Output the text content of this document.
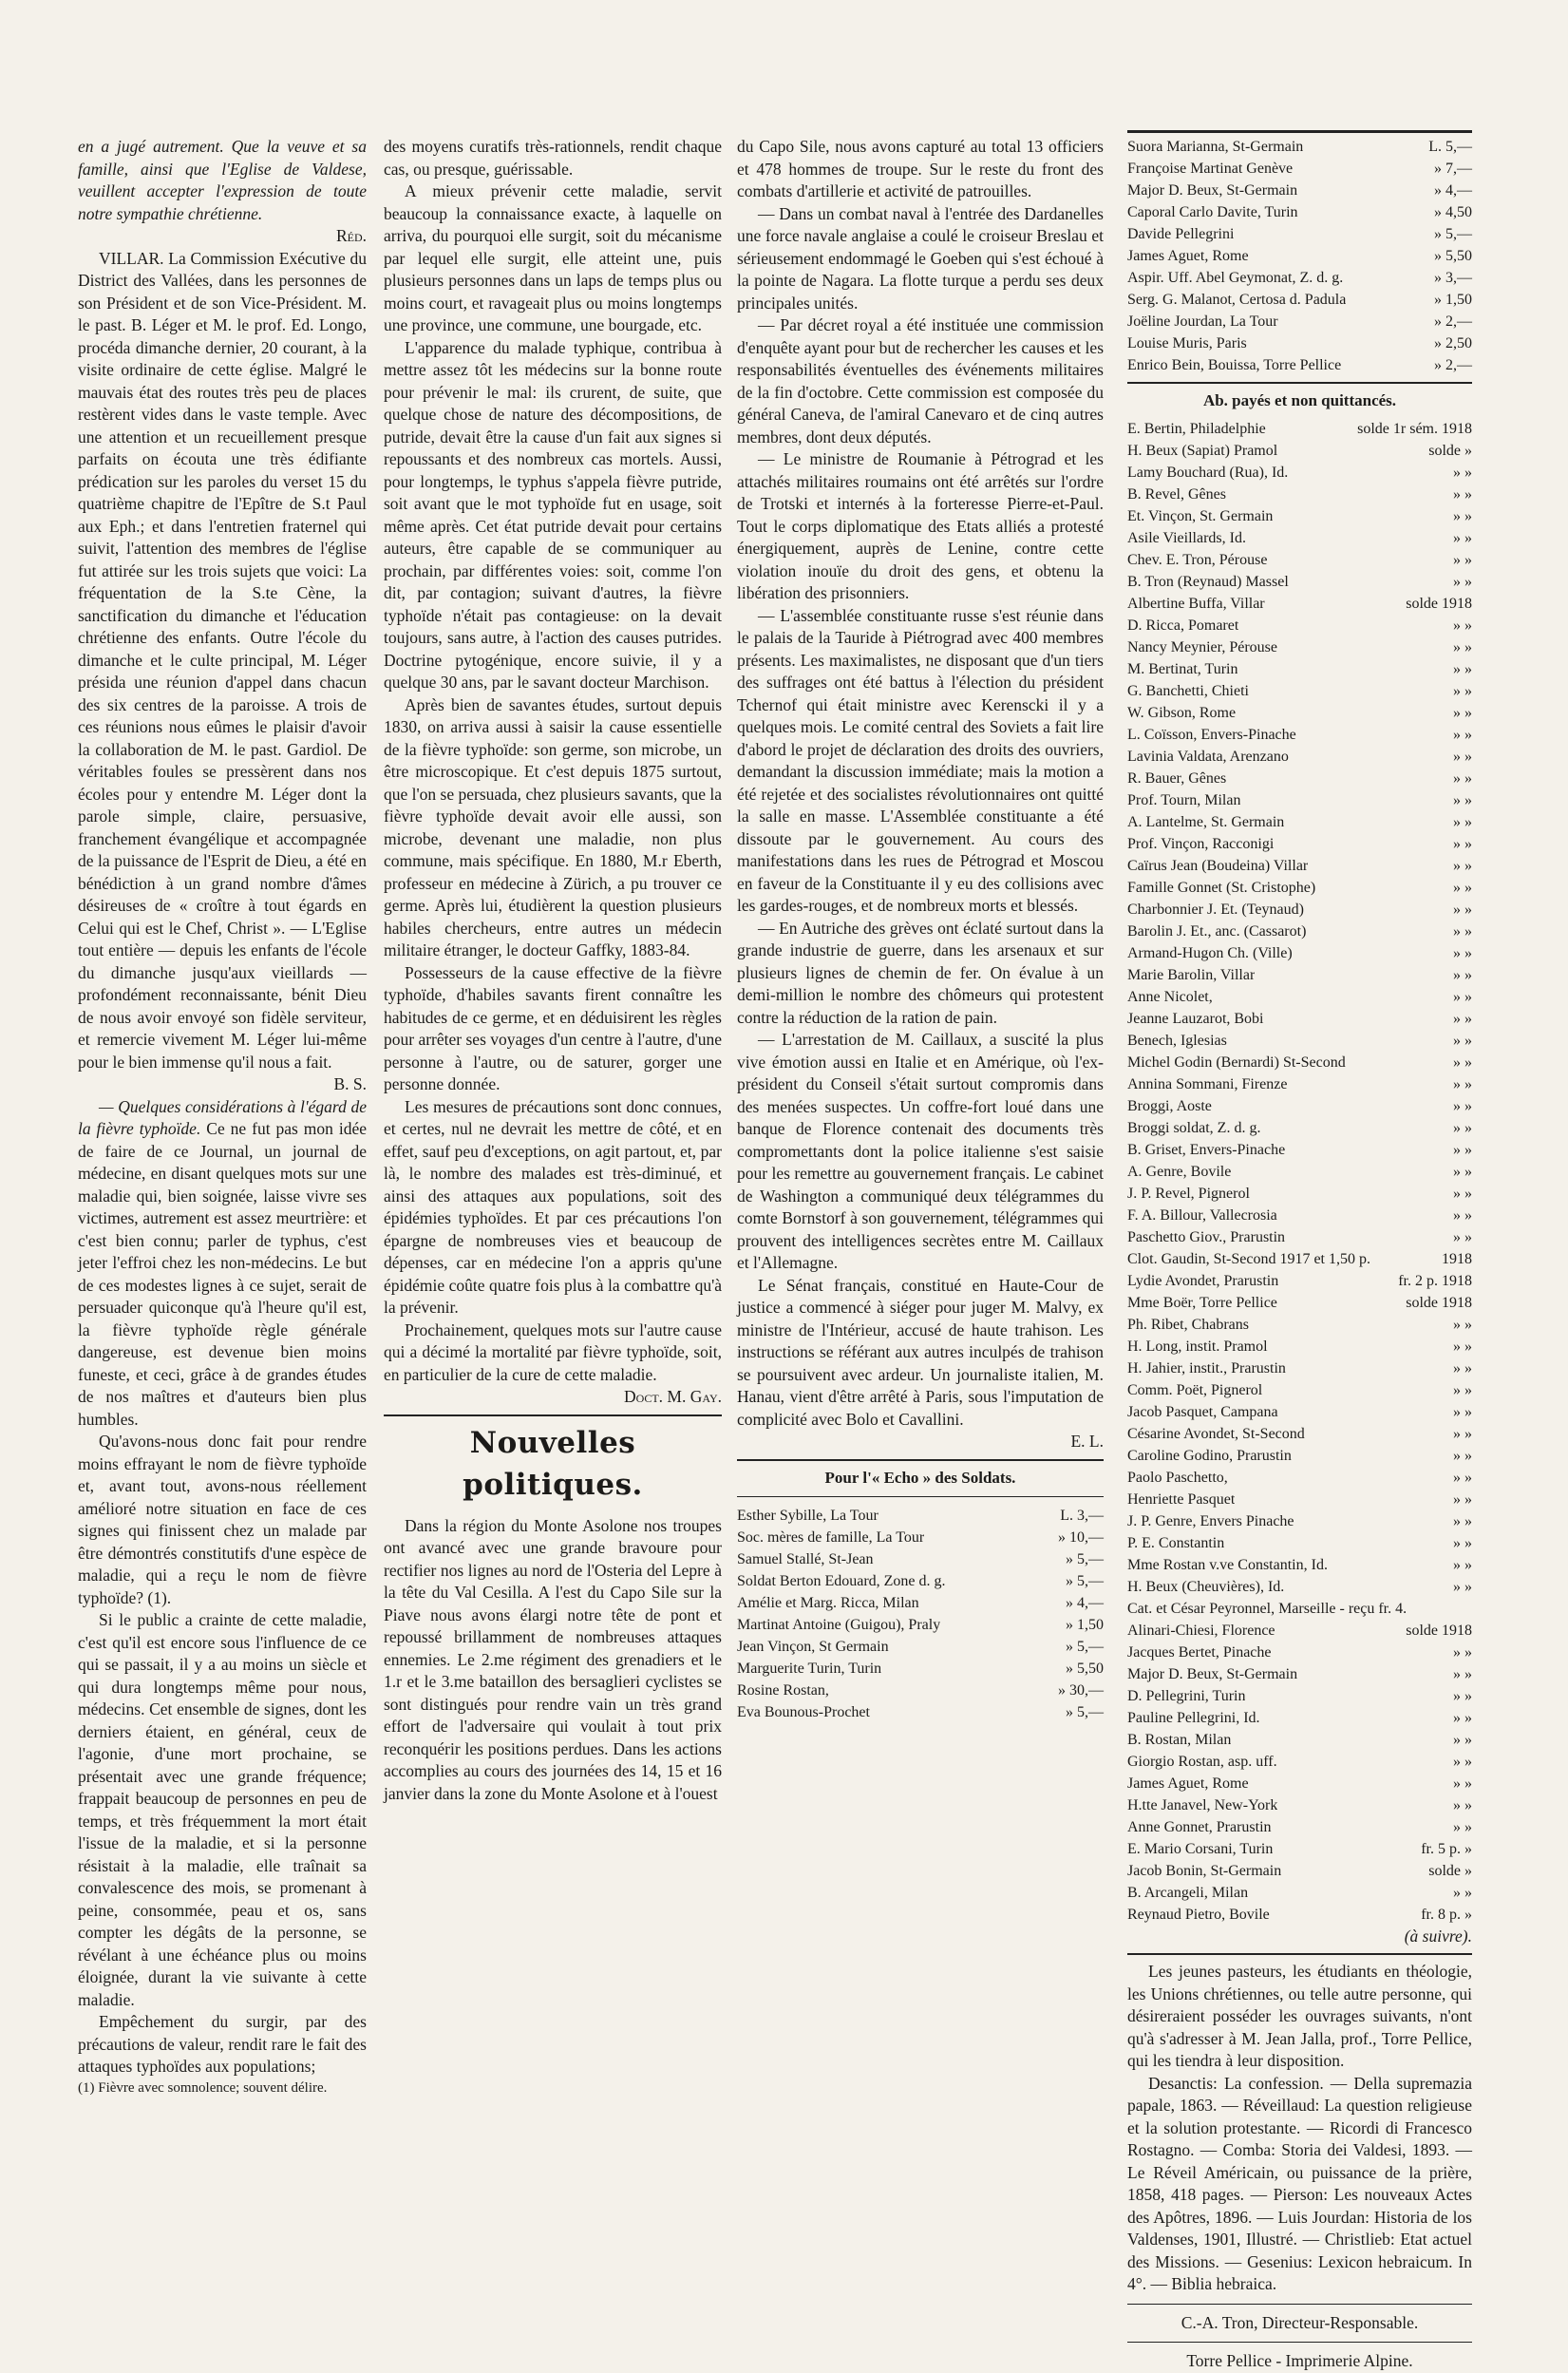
en a jugé autrement. Que la veuve et sa famille, ainsi que l'Eglise de Valdese, veuillent accepter l'expression de toute notre sympathie chrétienne.

Réd.

VILLAR. La Commission Exécutive du District des Vallées, dans les personnes de son Président et de son Vice-Président. M. le past. B. Léger et M. le prof. Ed. Longo, procéda dimanche dernier, 20 courant, à la visite ordinaire de cette église. Malgré le mauvais état des routes très peu de places restèrent vides dans le vaste temple. Avec une attention et un recueillement presque parfaits on écouta une très édifiante prédication sur les paroles du verset 15 du quatrième chapitre de l'Epître de S.t Paul aux Eph.; et dans l'entretien fraternel qui suivit, l'attention des membres de l'église fut attirée sur les trois sujets que voici: La fréquentation de la S.te Cène, la sanctification du dimanche et l'éducation chrétienne des enfants. Outre l'école du dimanche et le culte principal, M. Léger présida une réunion d'appel dans chacun des six centres de la paroisse. A trois de ces réunions nous eûmes le plaisir d'avoir la collaboration de M. le past. Gardiol. De véritables foules se pressèrent dans nos écoles pour y entendre M. Léger dont la parole simple, claire, persuasive, franchement évangélique et accompagnée de la puissance de l'Esprit de Dieu, a été en bénédiction à un grand nombre d'âmes désireuses de « croître à tout égards en Celui qui est le Chef, Christ ». — L'Eglise tout entière — depuis les enfants de l'école du dimanche jusqu'aux vieillards — profondément reconnaissante, bénit Dieu de nous avoir envoyé son fidèle serviteur, et remercie vivement M. Léger lui-même pour le bien immense qu'il nous a fait.

B. S.

— Quelques considérations à l'égard de la fièvre typhoïde. Ce ne fut pas mon idée de faire de ce Journal, un journal de médecine, en disant quelques mots sur une maladie qui, bien soignée, laisse vivre ses victimes, autrement est assez meurtrière: et c'est bien connu; parler de typhus, c'est jeter l'effroi chez les non-médecins. Le but de ces modestes lignes à ce sujet, serait de persuader quiconque qu'à l'heure qu'il est, la fièvre typhoïde règle générale dangereuse, est devenue bien moins funeste, et ceci, grâce à de grandes études de nos maîtres et d'auteurs bien plus humbles.

Qu'avons-nous donc fait pour rendre moins effrayant le nom de fièvre typhoïde et, avant tout, avons-nous réellement amélioré notre situation en face de ces signes qui finissent chez un malade par être démontrés constitutifs d'une espèce de maladie, qui a reçu le nom de fièvre typhoïde? (1).

Si le public a crainte de cette maladie, c'est qu'il est encore sous l'influence de ce qui se passait, il y a au moins un siècle et qui dura longtemps même pour nous, médecins. Cet ensemble de signes, dont les derniers étaient, en général, ceux de l'agonie, d'une mort prochaine, se présentait avec une grande fréquence; frappait beaucoup de personnes en peu de temps, et très fréquemment la mort était l'issue de la maladie, et si la personne résistait à la maladie, elle traînait sa convalescence des mois, se promenant à peine, consommée, peau et os, sans compter les dégâts de la personne, se révélant à une échéance plus ou moins éloignée, durant la vie suivante à cette maladie.

Empêchement du surgir, par des précautions de valeur, rendit rare le fait des attaques typhoïdes aux populations;

(1) Fièvre avec somnolence; souvent délire.

des moyens curatifs très-rationnels, rendit chaque cas, ou presque, guérissable.

A mieux prévenir cette maladie, servit beaucoup la connaissance exacte, à laquelle on arriva, du pourquoi elle surgit, soit du mécanisme par lequel elle surgit, elle atteint une, puis plusieurs personnes dans un laps de temps plus ou moins court, et ravageait plus ou moins longtemps une province, une commune, une bourgade, etc.

L'apparence du malade typhique, contribua à mettre assez tôt les médecins sur la bonne route pour prévenir le mal: ils crurent, de suite, que quelque chose de nature des décompositions, de putride, devait être la cause d'un fait aux signes si repoussants et des nombreux cas mortels. Aussi, pour longtemps, le typhus s'appela fièvre putride, soit avant que le mot typhoïde fut en usage, soit même après. Cet état putride devait pour certains auteurs, être capable de se communiquer au prochain, par différentes voies: soit, comme l'on dit, par contagion; suivant d'autres, la fièvre typhoïde n'était pas contagieuse: on la devait toujours, sans autre, à l'action des causes putrides. Doctrine pytogénique, encore suivie, il y a quelque 30 ans, par le savant docteur Marchison.

Après bien de savantes études, surtout depuis 1830, on arriva aussi à saisir la cause essentielle de la fièvre typhoïde: son germe, son microbe, un être microscopique. Et c'est depuis 1875 surtout, que l'on se persuada, chez plusieurs savants, que la fièvre typhoïde devait avoir elle aussi, son microbe, devenant une maladie, non plus commune, mais spécifique. En 1880, M.r Eberth, professeur en médecine à Zürich, a pu trouver ce germe. Après lui, étudièrent la question plusieurs habiles chercheurs, entre autres un médecin militaire étranger, le docteur Gaffky, 1883-84.

Possesseurs de la cause effective de la fièvre typhoïde, d'habiles savants firent connaître les habitudes de ce germe, et en déduisirent les règles pour arrêter ses voyages d'un centre à l'autre, d'une personne à l'autre, ou de saturer, gorger une personne donnée.

Les mesures de précautions sont donc connues, et certes, nul ne devrait les mettre de côté, et en effet, sauf peu d'exceptions, on agit partout, et, par là, le nombre des malades est très-diminué, et ainsi des attaques aux populations, soit des épidémies typhoïdes. Et par ces précautions l'on épargne de nombreuses vies et beaucoup de dépenses, car en médecine l'on a appris qu'une épidémie coûte quatre fois plus à la combattre qu'à la prévenir.

Prochainement, quelques mots sur l'autre cause qui a décimé la mortalité par fièvre typhoïde, soit, en particulier de la cure de cette maladie.

Doct. M. Gay.

Nouvelles politiques.

Dans la région du Monte Asolone nos troupes ont avancé avec une grande bravoure pour rectifier nos lignes au nord de l'Osteria del Lepre à la tête du Val Cesilla. A l'est du Capo Sile sur la Piave nous avons élargi notre tête de pont et repoussé brillamment de nombreuses attaques ennemies. Le 2.me régiment des grenadiers et le 1.r et le 3.me bataillon des bersaglieri cyclistes se sont distingués pour rendre vain un très grand effort de l'adversaire qui voulait à tout prix reconquérir les positions perdues. Dans les actions accomplies au cours des journées des 14, 15 et 16 janvier dans la zone du Monte Asolone et à l'ouest

du Capo Sile, nous avons capturé au total 13 officiers et 478 hommes de troupe. Sur le reste du front des combats d'artillerie et activité de patrouilles.

— Dans un combat naval à l'entrée des Dardanelles une force navale anglaise a coulé le croiseur Breslau et sérieusement endommagé le Goeben qui s'est échoué à la pointe de Nagara. La flotte turque a perdu ses deux principales unités.

— Par décret royal a été instituée une commission d'enquête ayant pour but de rechercher les causes et les responsabilités éventuelles des événements militaires de la fin d'octobre. Cette commission est composée du général Caneva, de l'amiral Canevaro et de cinq autres membres, dont deux députés.

— Le ministre de Roumanie à Pétrograd et les attachés militaires roumains ont été arrêtés sur l'ordre de Trotski et internés à la forteresse Pierre-et-Paul. Tout le corps diplomatique des Etats alliés a protesté énergiquement, auprès de Lenine, contre cette violation inouïe du droit des gens, et obtenu la libération des prisonniers.

— L'assemblée constituante russe s'est réunie dans le palais de la Tauride à Piétrograd avec 400 membres présents. Les maximalistes, ne disposant que d'un tiers des suffrages ont été battus à l'élection du président Tchernof qui était ministre avec Kerenscki il y a quelques mois. Le comité central des Soviets a fait lire d'abord le projet de déclaration des droits des ouvriers, demandant la discussion immédiate; mais la motion a été rejetée et des socialistes révolutionnaires ont quitté la salle en masse. L'Assemblée constituante a été dissoute par le gouvernement. Au cours des manifestations dans les rues de Pétrograd et Moscou en faveur de la Constituante il y eu des collisions avec les gardes-rouges, et de nombreux morts et blessés.

— En Autriche des grèves ont éclaté surtout dans la grande industrie de guerre, dans les arsenaux et sur plusieurs lignes de chemin de fer. On évalue à un demi-million le nombre des chômeurs qui protestent contre la réduction de la ration de pain.

— L'arrestation de M. Caillaux, a suscité la plus vive émotion aussi en Italie et en Amérique, où l'ex-président du Conseil s'était surtout compromis dans des menées suspectes. Un coffre-fort loué dans une banque de Florence contenait des documents très compromettants dont la police italienne s'est saisie pour les remettre au gouvernement français. Le cabinet de Washington a communiqué deux télégrammes du comte Bornstorf à son gouvernement, télégrammes qui prouvent des intelligences secrètes entre M. Caillaux et l'Allemagne.

Le Sénat français, constitué en Haute-Cour de justice a commencé à siéger pour juger M. Malvy, ex ministre de l'Intérieur, accusé de haute trahison. Les instructions se référant aux autres inculpés de trahison se poursuivent avec ardeur. Un journaliste italien, M. Hanau, vient d'être arrêté à Paris, sous l'imputation de complicité avec Bolo et Cavallini.

E. L.

Pour l'« Echo » des Soldats.
Esther Sybille, La Tour	L. 3,—
Soc. mères de famille, La Tour	» 10,—
Samuel Stallé, St-Jean	» 5,—
Soldat Berton Edouard, Zone d. g.	» 5,—
Amélie et Marg. Ricca, Milan	» 4,—
Martinat Antoine (Guigou), Praly	» 1,50
Jean Vinçon, St Germain	» 5,—
Marguerite Turin, Turin	» 5,50
Rosine Rostan,	» 30,—
Eva Bounous-Prochet	» 5,—
Suora Marianna, St-Germain	L. 5,—
Françoise Martinat Genève	» 7,—
Major D. Beux, St-Germain	» 4,—
Caporal Carlo Davite, Turin	» 4,50
Davide Pellegrini	» 5,—
James Aguet, Rome	» 5,50
Aspir. Uff. Abel Geymonat, Z. d. g.	» 3,—
Serg. G. Malanot, Certosa d. Padula	» 1,50
Joëline Jourdan, La Tour	» 2,—
Louise Muris, Paris	» 2,50
Enrico Bein, Bouissa, Torre Pellice	» 2,—
Ab. payés et non quittancés.
E. Bertin, Philadelphie	solde 1r sém. 1918
H. Beux (Sapiat) Pramol	solde »
Lamy Bouchard (Rua), Id.	» »
B. Revel, Gênes	» »
Et. Vinçon, St. Germain	» »
Asile Vieillards, Id.	» »
Chev. E. Tron, Pérouse	» »
B. Tron (Reynaud) Massel	» »
Albertine Buffa, Villar	solde 1918
D. Ricca, Pomaret	» »
Nancy Meynier, Pérouse	» »
M. Bertinat, Turin	» »
G. Banchetti, Chieti	» »
W. Gibson, Rome	» »
L. Coïsson, Envers-Pinache	» »
Lavinia Valdata, Arenzano	» »
R. Bauer, Gênes	» »
Prof. Tourn, Milan	» »
A. Lantelme, St. Germain	» »
Prof. Vinçon, Racconigi	» »
Caïrus Jean (Boudeina) Villar	» »
Famille Gonnet (St. Cristophe)	» »
Charbonnier J. Et. (Teynaud)	» »
Barolin J. Et., anc. (Cassarot)	» »
Armand-Hugon Ch. (Ville)	» »
Marie Barolin, Villar	» »
Anne Nicolet,	» »
Jeanne Lauzarot, Bobi	» »
Benech, Iglesias	» »
Michel Godin (Bernardi) St-Second	» »
Annina Sommani, Firenze	» »
Broggi, Aoste	» »
Broggi soldat, Z. d. g.	» »
B. Griset, Envers-Pinache	» »
A. Genre, Bovile	» »
J. P. Revel, Pignerol	» »
F. A. Billour, Vallecrosia	» »
Paschetto Giov., Prarustin	» »
Clot. Gaudin, St-Second 1917 et 1,50 p.	1918
Lydie Avondet, Prarustin	fr. 2 p. 1918
Mme Boër, Torre Pellice	solde 1918
Ph. Ribet, Chabrans	» »
H. Long, instit. Pramol	» »
H. Jahier, instit., Prarustin	» »
Comm. Poët, Pignerol	» »
Jacob Pasquet, Campana	» »
Césarine Avondet, St-Second	» »
Caroline Godino, Prarustin	» »
Paolo Paschetto,	» »
Henriette Pasquet	» »
J. P. Genre, Envers Pinache	» »
P. E. Constantin	» »
Mme Rostan v.ve Constantin, Id.	» »
H. Beux (Cheuvières), Id.	» »
Cat. et César Peyronnel, Marseille - reçu fr. 4.
Alinari-Chiesi, Florence	solde 1918
Jacques Bertet, Pinache	» »
Major D. Beux, St-Germain	» »
D. Pellegrini, Turin	» »
Pauline Pellegrini, Id.	» »
B. Rostan, Milan	» »
Giorgio Rostan, asp. uff.	» »
James Aguet, Rome	» »
H.tte Janavel, New-York	» »
Anne Gonnet, Prarustin	» »
E. Mario Corsani, Turin	fr. 5 p. »
Jacob Bonin, St-Germain	solde »
B. Arcangeli, Milan	» »
Reynaud Pietro, Bovile	fr. 8 p. »
(à suivre).

Les jeunes pasteurs, les étudiants en théologie, les Unions chrétiennes, ou telle autre personne, qui désireraient posséder les ouvrages suivants, n'ont qu'à s'adresser à M. Jean Jalla, prof., Torre Pellice, qui les tiendra à leur disposition.

Desanctis: La confession. — Della supremazia papale, 1863. — Réveillaud: La question religieuse et la solution protestante. — Ricordi di Francesco Rostagno. — Comba: Storia dei Valdesi, 1893. — Le Réveil Américain, ou puissance de la prière, 1858, 418 pages. — Pierson: Les nouveaux Actes des Apôtres, 1896. — Luis Jourdan: Historia de los Valdenses, 1901, Illustré. — Christlieb: Etat actuel des Missions. — Gesenius: Lexicon hebraicum. In 4°. — Biblia hebraica.

C.-A. Tron, Directeur-Responsable.

Torre Pellice - Imprimerie Alpine.
